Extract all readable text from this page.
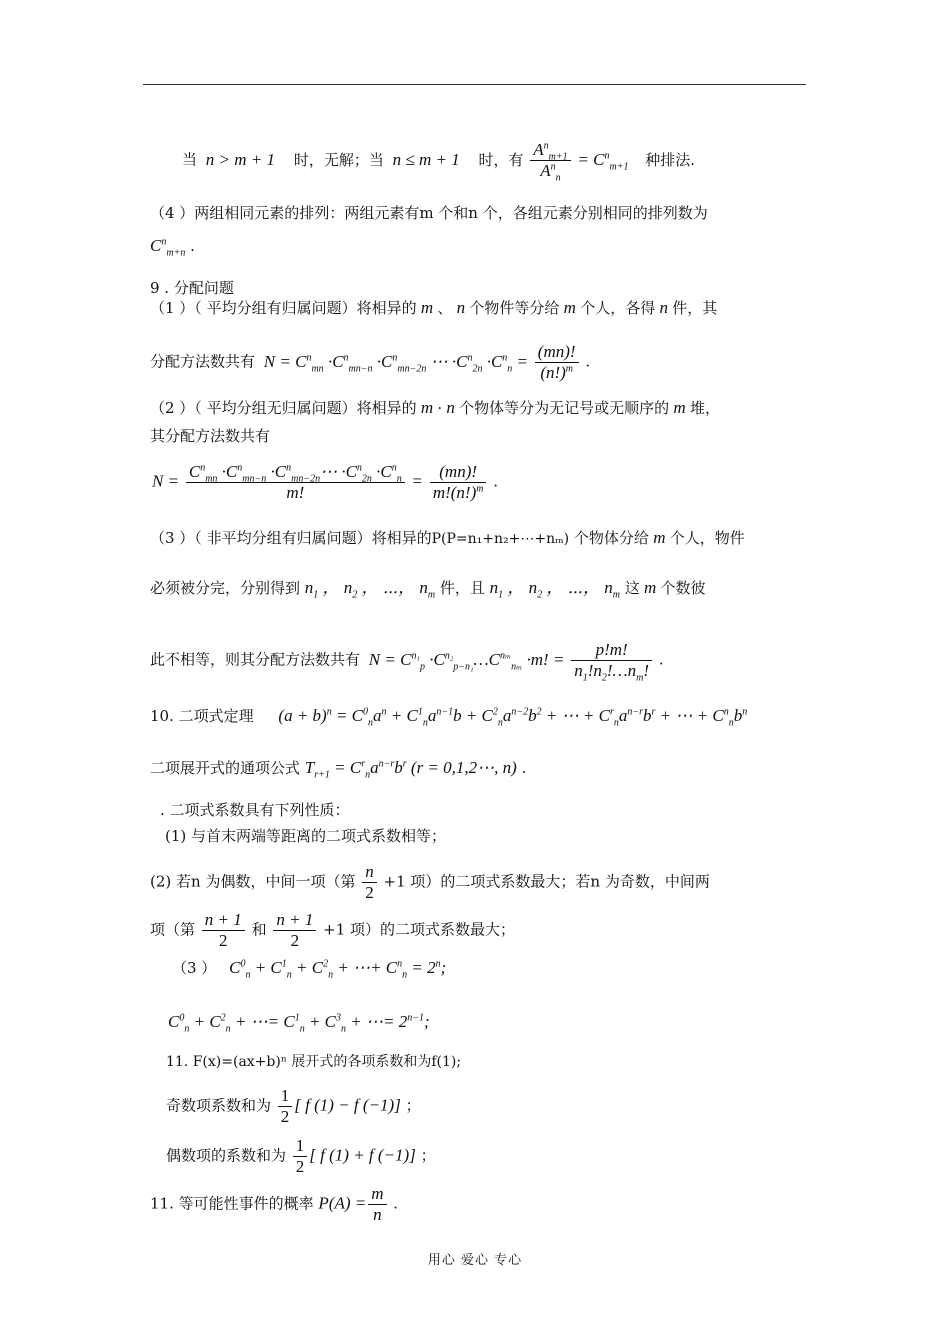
当 n > m + 1 时，无解；当 n ≤ m + 1 时，有 $\frac{A^n_{m+1}}{A^n_n} = C^n_{m+1}$ 种排法.
（4 ）两组相同元素的排列：两组元素有m 个和n 个，各组元素分别相同的排列数为
$C^n_{m+n}$ .
9 . 分配问题
（1 ）（ 平均分组有归属问题）将相异的 m 、 n 个物件等分给 m 个人，各得 n 件，其
分配方法数共有 $N = C^n_{mn} \cdot C^n_{mn-n} \cdot C^n_{mn-2n}$ ⋯ $\cdot C^n_{2n} \cdot C^n_n = \frac{(mn)!}{(n!)^m}$ .
（2 ）（ 平均分组无归属问题）将相异的 m · n 个物体等分为无记号或无顺序的 m 堆，
其分配方法数共有
$N = \frac{C^n_{mn} \cdot C^n_{mn-n} \cdot C^n_{mn-2n}\cdots \cdot C^n_{2n} \cdot C^n_n}{m!} = \frac{(mn)!}{m!(n!)^m}$ .
（3 ）（ 非平均分组有归属问题）将相异的P(P=n₁+n₂+⋯+nₘ) 个物体分给 m 个人，物件
必须被分完，分别得到 $n_1$ ， $n_2$ ， ⋯， $n_m$ 件，且 $n_1$ ， $n_2$ ， ⋯， $n_m$ 这 m 个数彼
此不相等，则其分配方法数共有 $N = C^{n_1}_p$ $\cdot C^{n_2}_{p-n_1}\dots C^{n_m}_{n_m} \cdot m$! = $\frac{p!m!}{n_1!n_2!\dots n_m!}$ .
10. 二项式定理 $(a + b)^n = C^0_na^n + C^1_na^{n-1}b + C^2_na^{n-2}b^2$ + ⋯ + $C^r_na^{n-r}b^r$ + ⋯ + $C^n_nb^n$
二项展开式的通项公式 $T_{r+1} = C^r_na^{n-r}b^r$ (r = 0,1,2⋯, n) .
. 二项式系数具有下列性质：
(1) 与首末两端等距离的二项式系数相等；
(2) 若n 为偶数，中间一项（第 $\frac{n}{2} +1$ 项）的二项式系数最大；若n 为奇数，中间两
项（第 $\frac{n + 1}{2}$ 和 $\frac{n + 1}{2} +1$ 项）的二项式系数最大；
（3 ） $C^0_n + C^1_n + C^2_n$ + ⋯+ $C^n_n = 2^n$;
$C^0_n + C^2_n$ + ⋯= $C^1_n + C^3_n$ + ⋯= $2^{n-1}$;
11. F(x)=(ax+b)ⁿ 展开式的各项系数和为f(1);
奇数项系数和为 $\frac{1}{2}$ [ f (1) − f (−1)] ；
偶数项的系数和为 $\frac{1}{2}$ [ f (1) + f (−1)] ；
11. 等可能性事件的概率 $P(A) = \frac{m}{n}$ .
用心 爱心 专心
